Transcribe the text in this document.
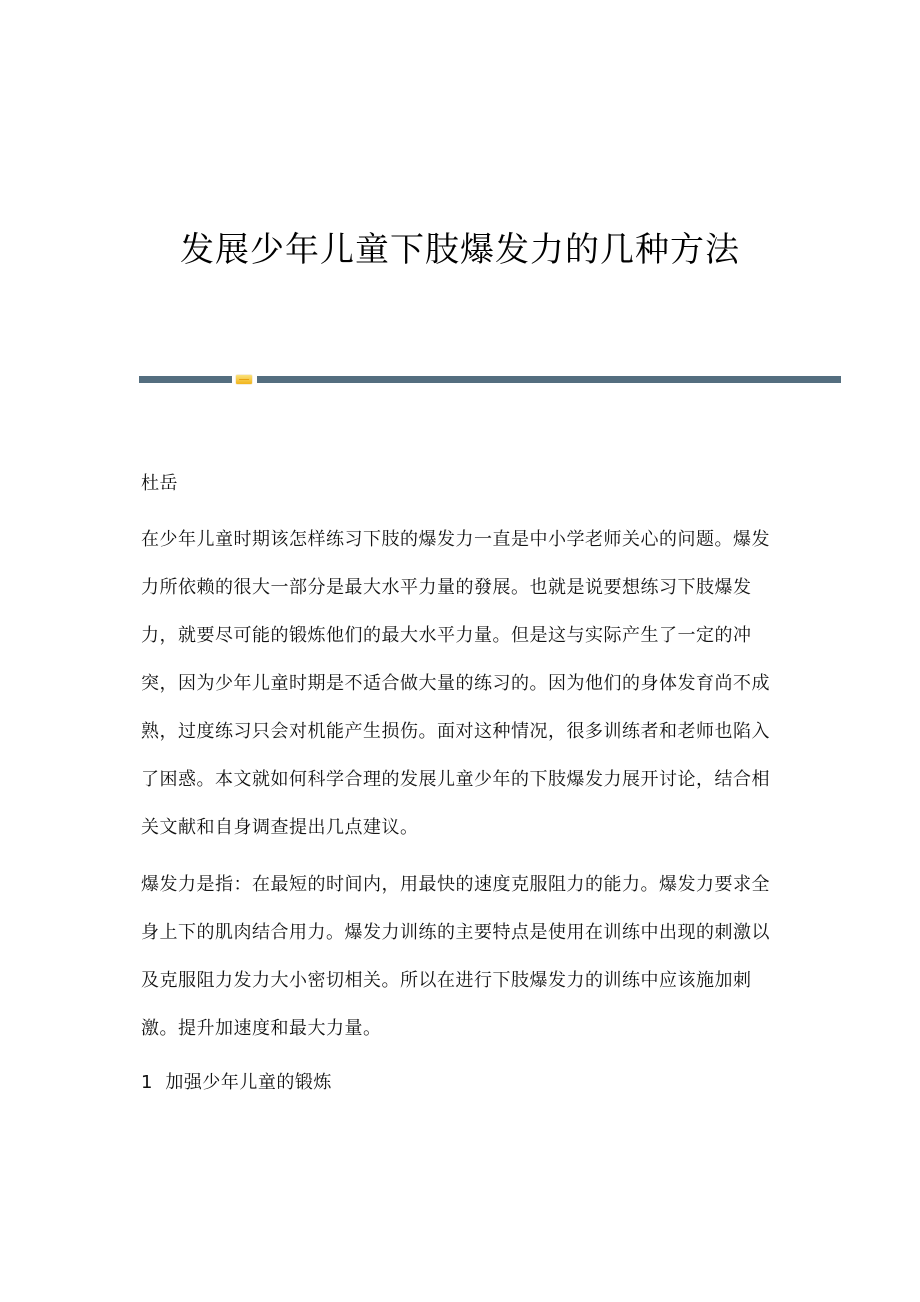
发展少年儿童下肢爆发力的几种方法
杜岳
在少年儿童时期该怎样练习下肢的爆发力一直是中小学老师关心的问题。爆发
力所依赖的很大一部分是最大水平力量的發展。也就是说要想练习下肢爆发
力，就要尽可能的锻炼他们的最大水平力量。但是这与实际产生了一定的冲
突，因为少年儿童时期是不适合做大量的练习的。因为他们的身体发育尚不成
熟，过度练习只会对机能产生损伤。面对这种情况，很多训练者和老师也陷入
了困惑。本文就如何科学合理的发展儿童少年的下肢爆发力展开讨论，结合相
关文献和自身调查提出几点建议。
爆发力是指：在最短的时间内，用最快的速度克服阻力的能力。爆发力要求全
身上下的肌肉结合用力。爆发力训练的主要特点是使用在训练中出现的刺激以
及克服阻力发力大小密切相关。所以在进行下肢爆发力的训练中应该施加刺
激。提升加速度和最大力量。
1  加强少年儿童的锻炼
